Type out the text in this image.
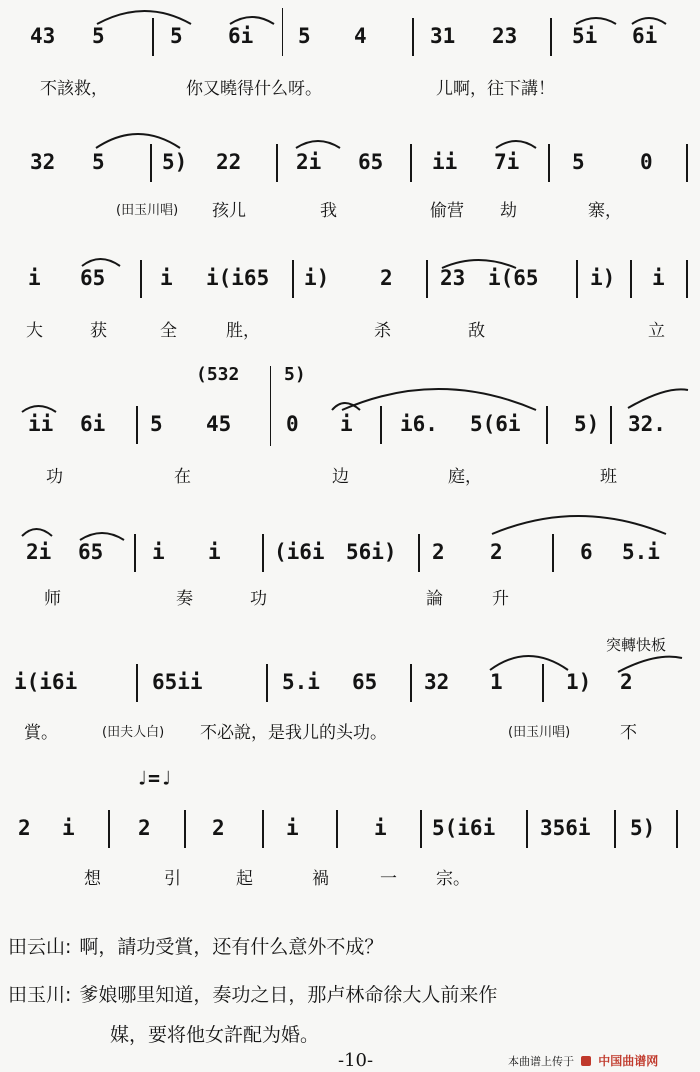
43 5	5 6i 5 4	31 23	5i 6i
不該救，	你又曉得什么呀。	儿啊，往下講！
32 5	5) 22	2i 65 ii 7i	5	0
(田玉川唱) 孩儿	我	偷营 劫	寨，
i 65	i i(i65 i) 2 23 i(65 i) i
大	获	全	胜，	杀	敌	立
(532 5)
ii 6i 5 45	0 i i6. 5(6i	5) 32.
功	在	边	庭，	班
2i 65 i i	(i6i 56i) 2 2	6 5.i
师	奏	功	論	升
突轉快板
i(i6i	65ii	5.i 65 32 1	1) 2
賞。	(田夫人白) 不必說，是我儿的头功。	(田玉川唱)	不
♩=♩
2 i	2	2	i	i 5(i6i 356i 5)
想	引	起	禍	一 宗。
田云山: 啊，請功受賞，还有什么意外不成？
田玉川: 爹娘哪里知道，奏功之日，那卢林命徐大人前来作
媒，要将他女許配为婚。
-10-	本曲谱上传于 中国曲谱网
